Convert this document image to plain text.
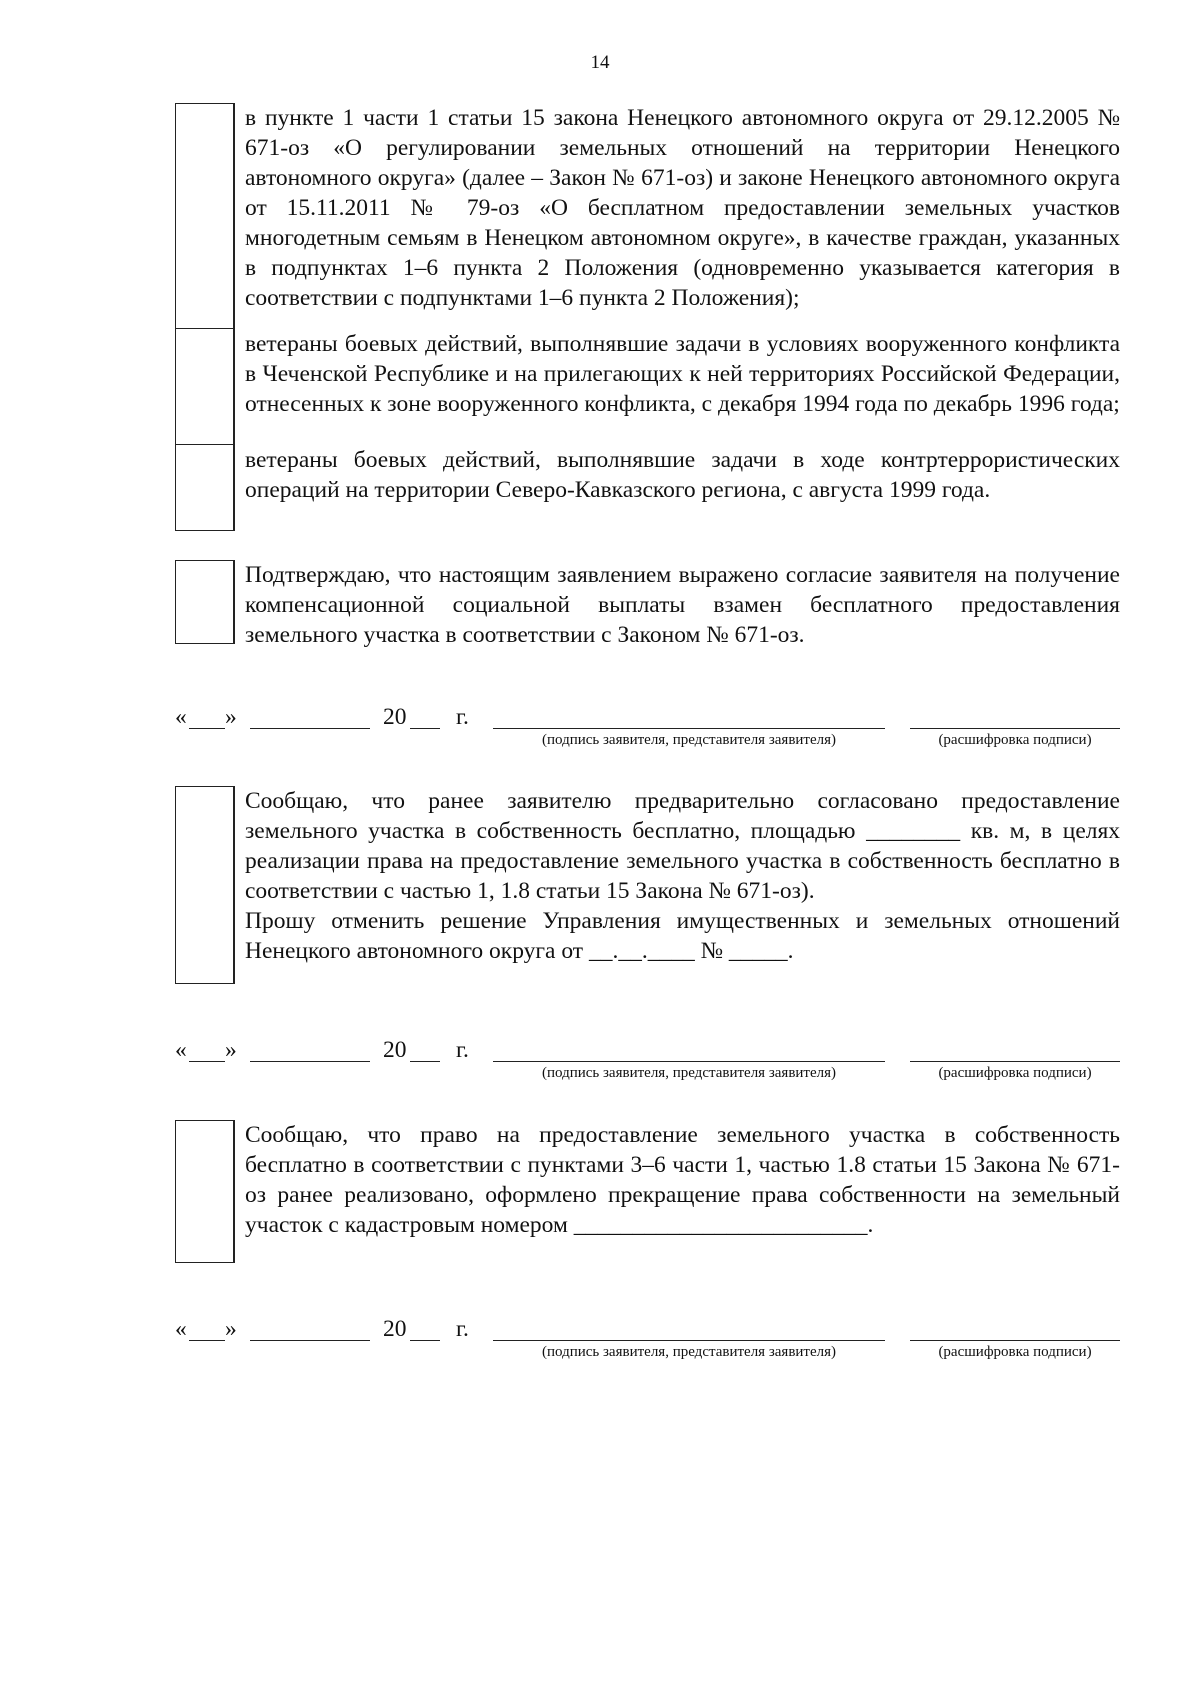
14
в пункте 1 части 1 статьи 15 закона Ненецкого автономного округа от 29.12.2005 № 671-оз «О регулировании земельных отношений на территории Ненецкого автономного округа» (далее – Закон № 671-оз) и законе Ненецкого автономного округа от 15.11.2011 № 79-оз «О бесплатном предоставлении земельных участков многодетным семьям в Ненецком автономном округе», в качестве граждан, указанных в подпунктах 1–6 пункта 2 Положения (одновременно указывается категория в соответствии с подпунктами 1–6 пункта 2 Положения);
ветераны боевых действий, выполнявшие задачи в условиях вооруженного конфликта в Чеченской Республике и на прилегающих к ней территориях Российской Федерации, отнесенных к зоне вооруженного конфликта, с декабря 1994 года по декабрь 1996 года;
ветераны боевых действий, выполнявшие задачи в ходе контртеррористических операций на территории Северо-Кавказского региона, с августа 1999 года.
Подтверждаю, что настоящим заявлением выражено согласие заявителя на получение компенсационной социальной выплаты взамен бесплатного предоставления земельного участка в соответствии с Законом № 671-оз.
« »	20 г.
(подпись заявителя, представителя заявителя)	(расшифровка подписи)
Сообщаю, что ранее заявителю предварительно согласовано предоставление земельного участка в собственность бесплатно, площадью ________ кв. м, в целях реализации права на предоставление земельного участка в собственность бесплатно в соответствии с частью 1, 1.8 статьи 15 Закона № 671-оз).
Прошу отменить решение Управления имущественных и земельных отношений Ненецкого автономного округа от __.__.____ № _____.
« »	20 г.
(подпись заявителя, представителя заявителя)	(расшифровка подписи)
Сообщаю, что право на предоставление земельного участка в собственность бесплатно в соответствии с пунктами 3–6 части 1, частью 1.8 статьи 15 Закона № 671-оз ранее реализовано, оформлено прекращение права собственности на земельный участок с кадастровым номером _________________________.
« »	20 г.
(подпись заявителя, представителя заявителя)	(расшифровка подписи)
